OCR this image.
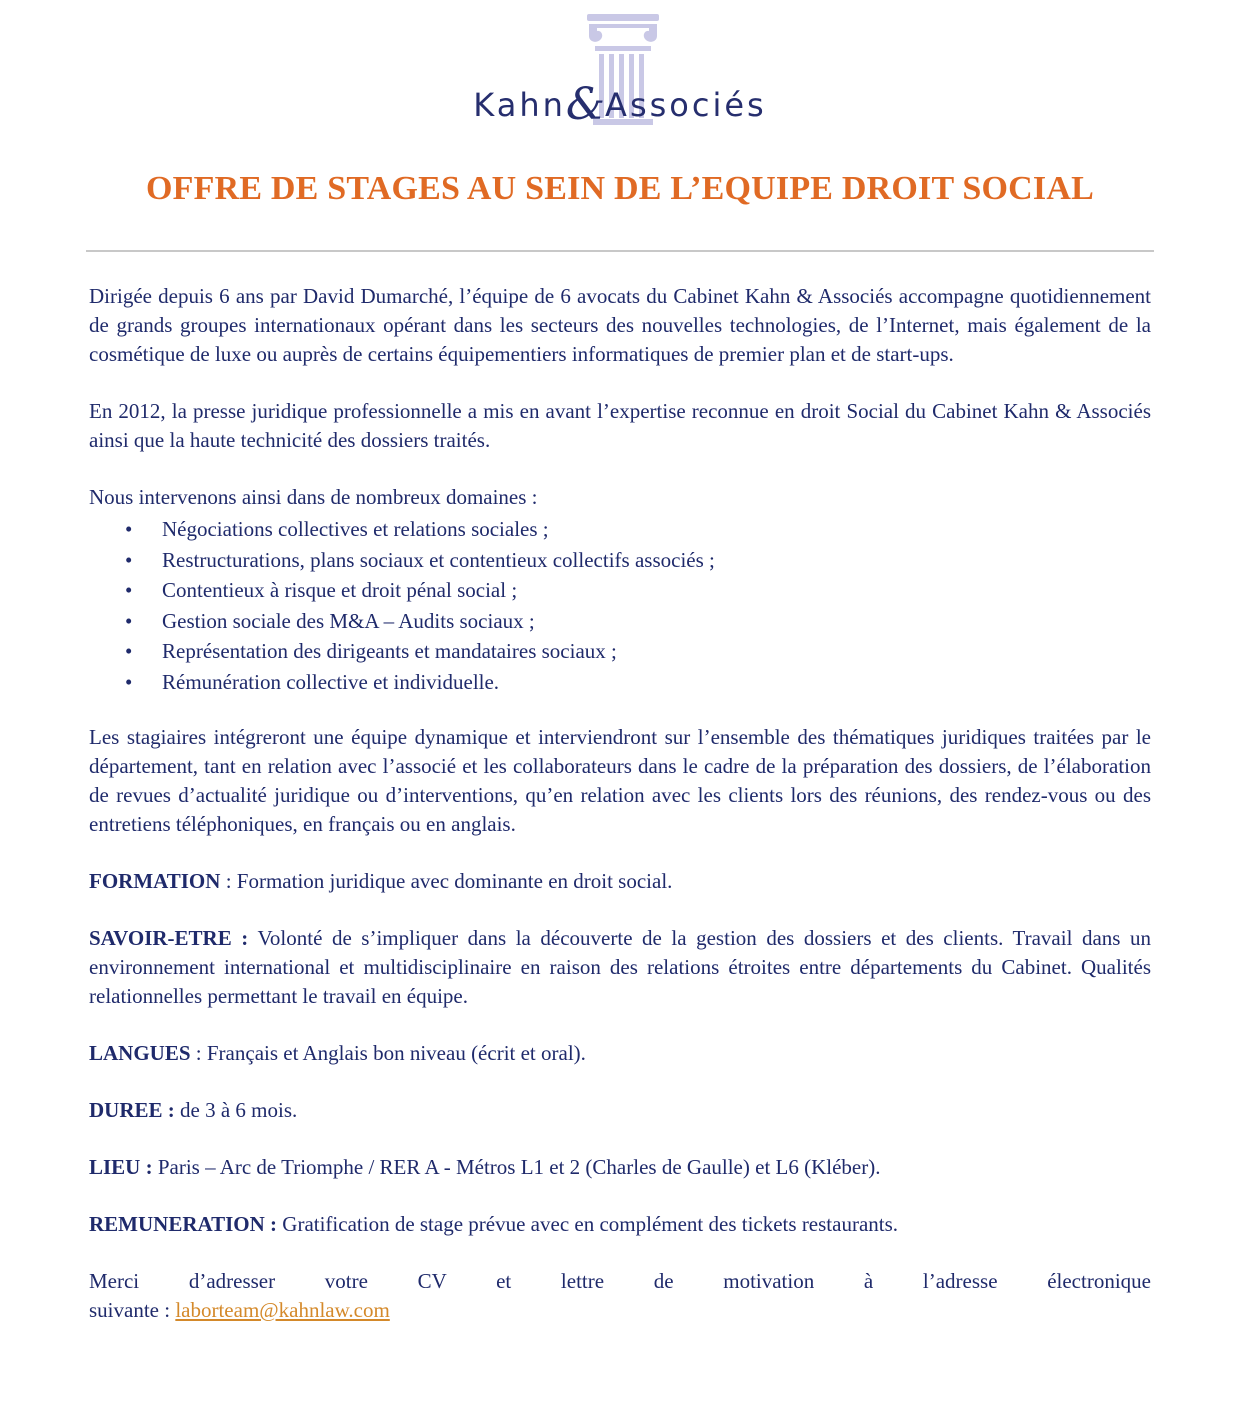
Kahn&Associés
OFFRE DE STAGES AU SEIN DE L’EQUIPE DROIT SOCIAL

Dirigée depuis 6 ans par David Dumarché, l’équipe de 6 avocats du Cabinet Kahn & Associés accompagne quotidiennement de grands groupes internationaux opérant dans les secteurs des nouvelles technologies, de l’Internet, mais également de la cosmétique de luxe ou auprès de certains équipementiers informatiques de premier plan et de start-ups.

En 2012, la presse juridique professionnelle a mis en avant l’expertise reconnue en droit Social du Cabinet Kahn & Associés ainsi que la haute technicité des dossiers traités.

Nous intervenons ainsi dans de nombreux domaines :

• Négociations collectives et relations sociales ;
• Restructurations, plans sociaux et contentieux collectifs associés ;
• Contentieux à risque et droit pénal social ;
• Gestion sociale des M&A – Audits sociaux ;
• Représentation des dirigeants et mandataires sociaux ;
• Rémunération collective et individuelle.

Les stagiaires intégreront une équipe dynamique et interviendront sur l’ensemble des thématiques juridiques traitées par le département, tant en relation avec l’associé et les collaborateurs dans le cadre de la préparation des dossiers, de l’élaboration de revues d’actualité juridique ou d’interventions, qu’en relation avec les clients lors des réunions, des rendez-vous ou des entretiens téléphoniques, en français ou en anglais.

FORMATION : Formation juridique avec dominante en droit social.

SAVOIR-ETRE : Volonté de s’impliquer dans la découverte de la gestion des dossiers et des clients. Travail dans un environnement international et multidisciplinaire en raison des relations étroites entre départements du Cabinet. Qualités relationnelles permettant le travail en équipe.

LANGUES : Français et Anglais bon niveau (écrit et oral).

DUREE : de 3 à 6 mois.

LIEU : Paris – Arc de Triomphe / RER A - Métros L1 et 2 (Charles de Gaulle) et L6 (Kléber).

REMUNERATION : Gratification de stage prévue avec en complément des tickets restaurants.

Merci d’adresser votre CV et lettre de motivation à l’adresse électronique

suivante : laborteam@kahnlaw.com
